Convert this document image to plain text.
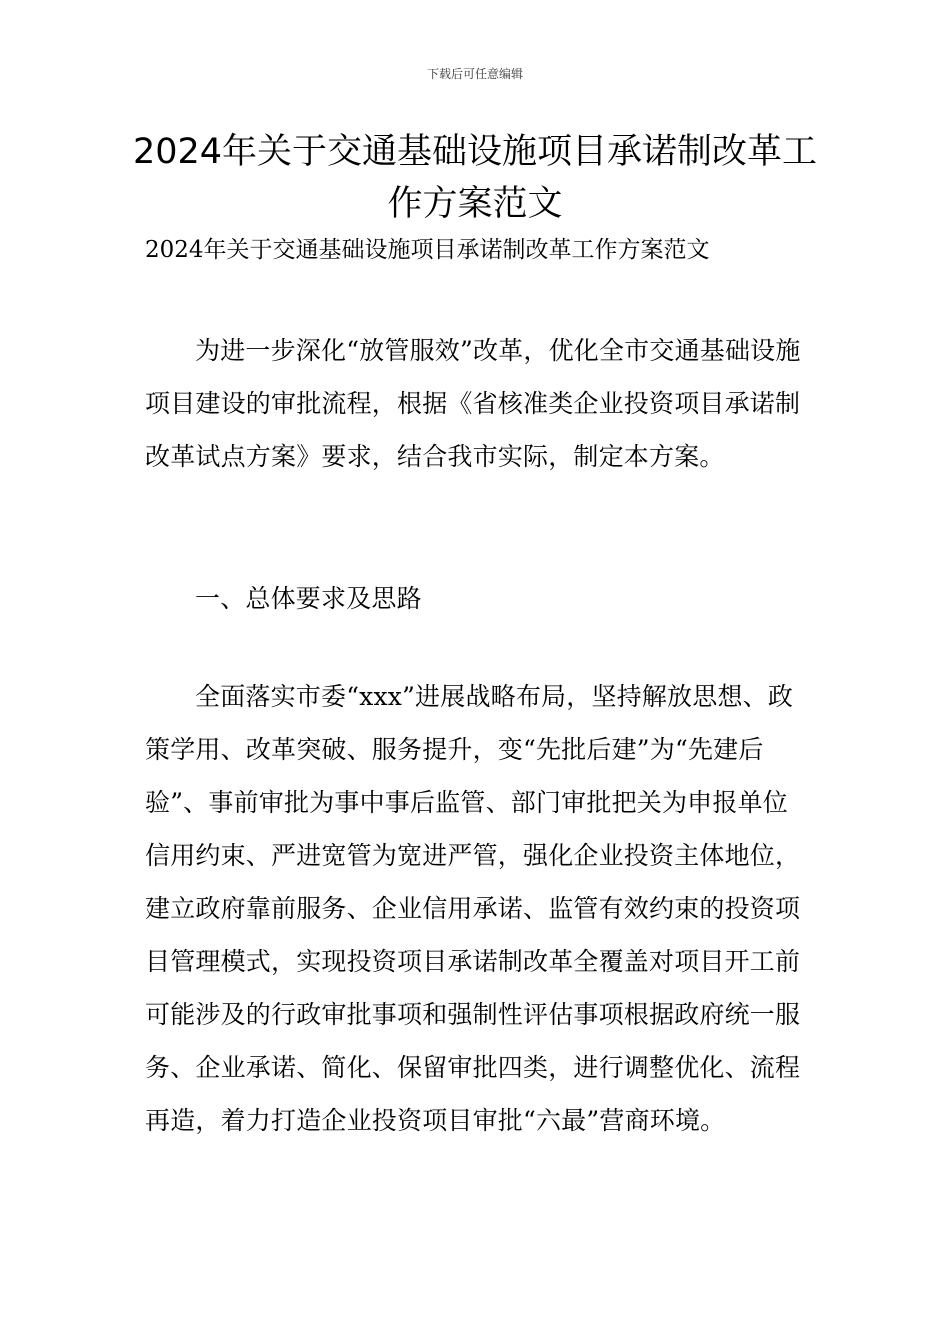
下载后可任意编辑
2024年关于交通基础设施项目承诺制改革工作方案范文

2024年关于交通基础设施项目承诺制改革工作方案范文

为进一步深化“放管服效”改革，优化全市交通基础设施项目建设的审批流程，根据《省核准类企业投资项目承诺制改革试点方案》要求，结合我市实际，制定本方案。

一、总体要求及思路

全面落实市委“xxx”进展战略布局，坚持解放思想、政策学用、改革突破、服务提升，变“先批后建”为“先建后验”、事前审批为事中事后监管、部门审批把关为申报单位信用约束、严进宽管为宽进严管，强化企业投资主体地位，建立政府靠前服务、企业信用承诺、监管有效约束的投资项目管理模式，实现投资项目承诺制改革全覆盖对项目开工前可能涉及的行政审批事项和强制性评估事项根据政府统一服务、企业承诺、简化、保留审批四类，进行调整优化、流程再造，着力打造企业投资项目审批“六最”营商环境。
